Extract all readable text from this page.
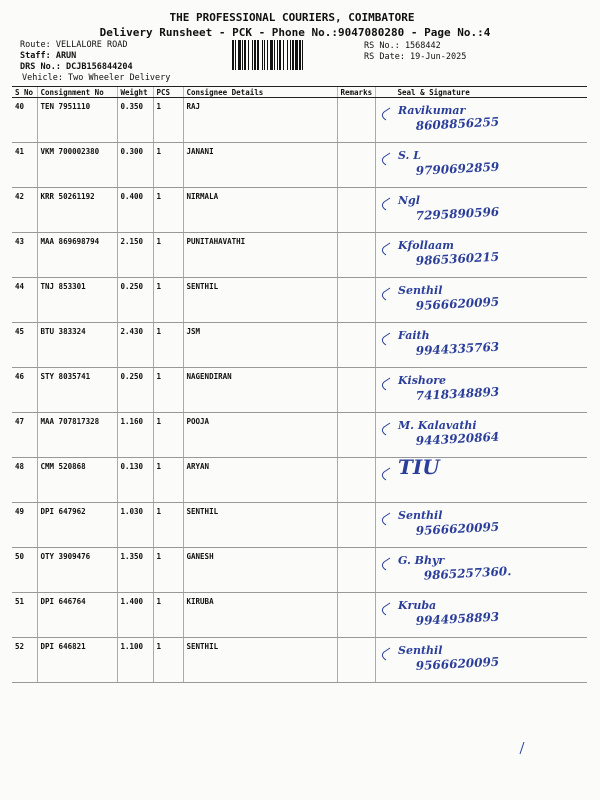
THE PROFESSIONAL COURIERS, COIMBATORE
Delivery Runsheet - PCK - Phone No.:9047080280 - Page No.:4
Route: VELLALORE ROAD
Staff: ARUN
DRS No.: DCJB156844204
Vehicle: Two Wheeler Delivery
RS No.: 1568442
RS Date: 19-Jun-2025
S No	Consignment No	Weight	PCS	Consignee Details	Remarks	Seal & Signature
40	TEN 7951110	0.350	1	RAJ		Ravikumar
8608856255

41	VKM 700002380	0.300	1	JANANI		S. L
9790692859

42	KRR 50261192	0.400	1	NIRMALA		Ngl
7295890596

43	MAA 869698794	2.150	1	PUNITAHAVATHI		Kfollaam
9865360215

44	TNJ 853301	0.250	1	SENTHIL		Senthil
9566620095

45	BTU 383324	2.430	1	JSM		Faith
9944335763

46	STY 8035741	0.250	1	NAGENDIRAN		Kishore
7418348893

47	MAA 707817328	1.160	1	POOJA		M. Kalavathi
9443920864

48	CMM 520868	0.130	1	ARYAN		TIU

49	DPI 647962	1.030	1	SENTHIL		Senthil
9566620095

50	OTY 3909476	1.350	1	GANESH		G. Bhyr
9865257360.

51	DPI 646764	1.400	1	KIRUBA		Kruba
9944958893

52	DPI 646821	1.100	1	SENTHIL		Senthil
9566620095
